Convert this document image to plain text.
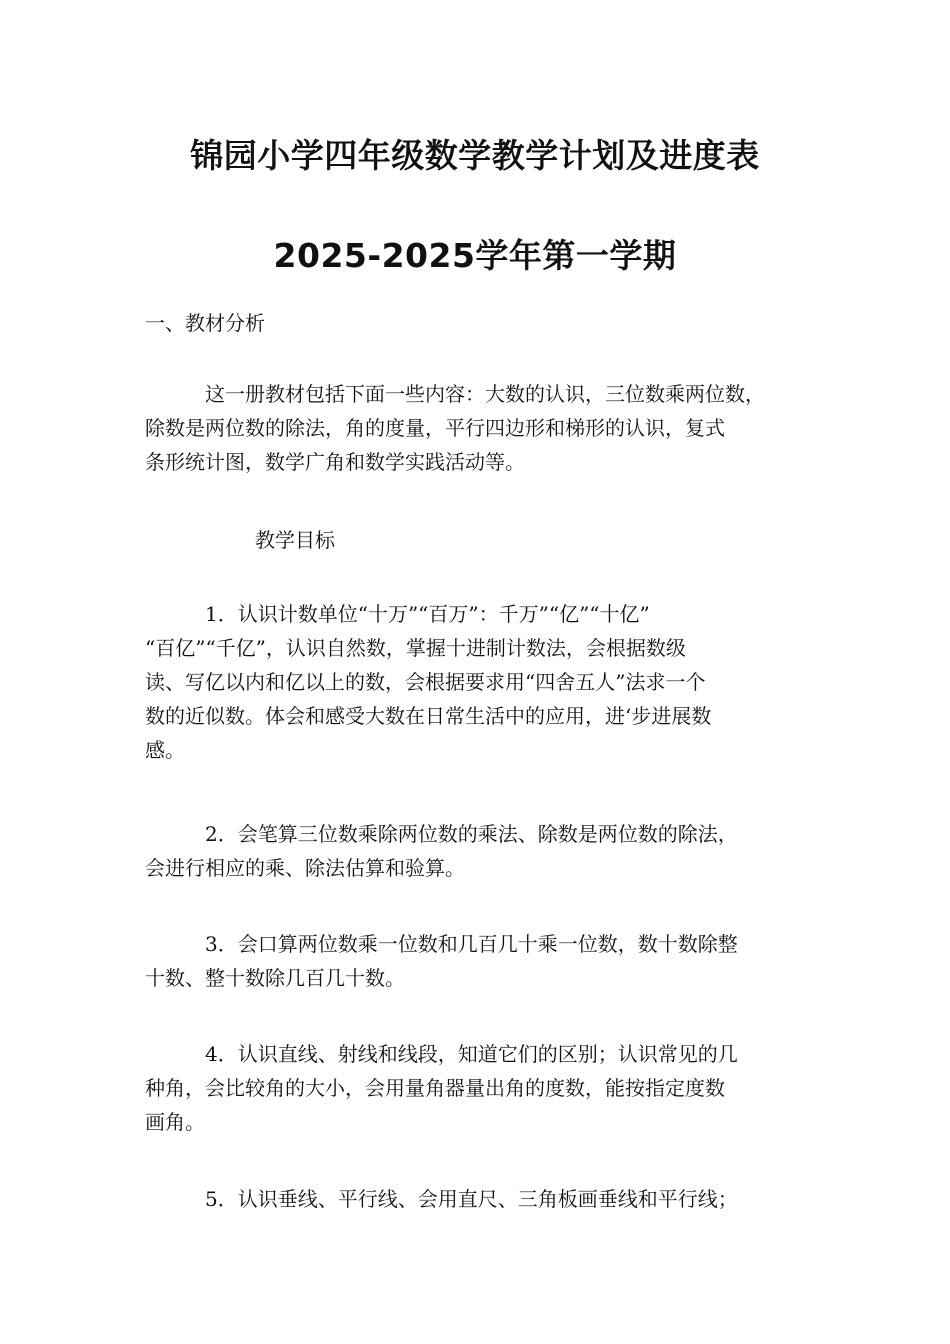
锦园小学四年级数学教学计划及进度表
2025-2025学年第一学期
一、教材分析
这一册教材包括下面一些内容：大数的认识，三位数乘两位数，
除数是两位数的除法，角的度量，平行四边形和梯形的认识，复式
条形统计图，数学广角和数学实践活动等。
教学目标
1．认识计数单位“十万”“百万”：千万”“亿”“十亿”
“百亿”“千亿”，认识自然数，掌握十进制计数法，会根据数级
读、写亿以内和亿以上的数，会根据要求用“四舍五人”法求一个
数的近似数。体会和感受大数在日常生活中的应用，进‘步进展数
感。
2．会笔算三位数乘除两位数的乘法、除数是两位数的除法，
会进行相应的乘、除法估算和验算。
3．会口算两位数乘一位数和几百几十乘一位数，数十数除整
十数、整十数除几百几十数。
4．认识直线、射线和线段，知道它们的区别；认识常见的几
种角，会比较角的大小，会用量角器量出角的度数，能按指定度数
画角。
5．认识垂线、平行线、会用直尺、三角板画垂线和平行线；
